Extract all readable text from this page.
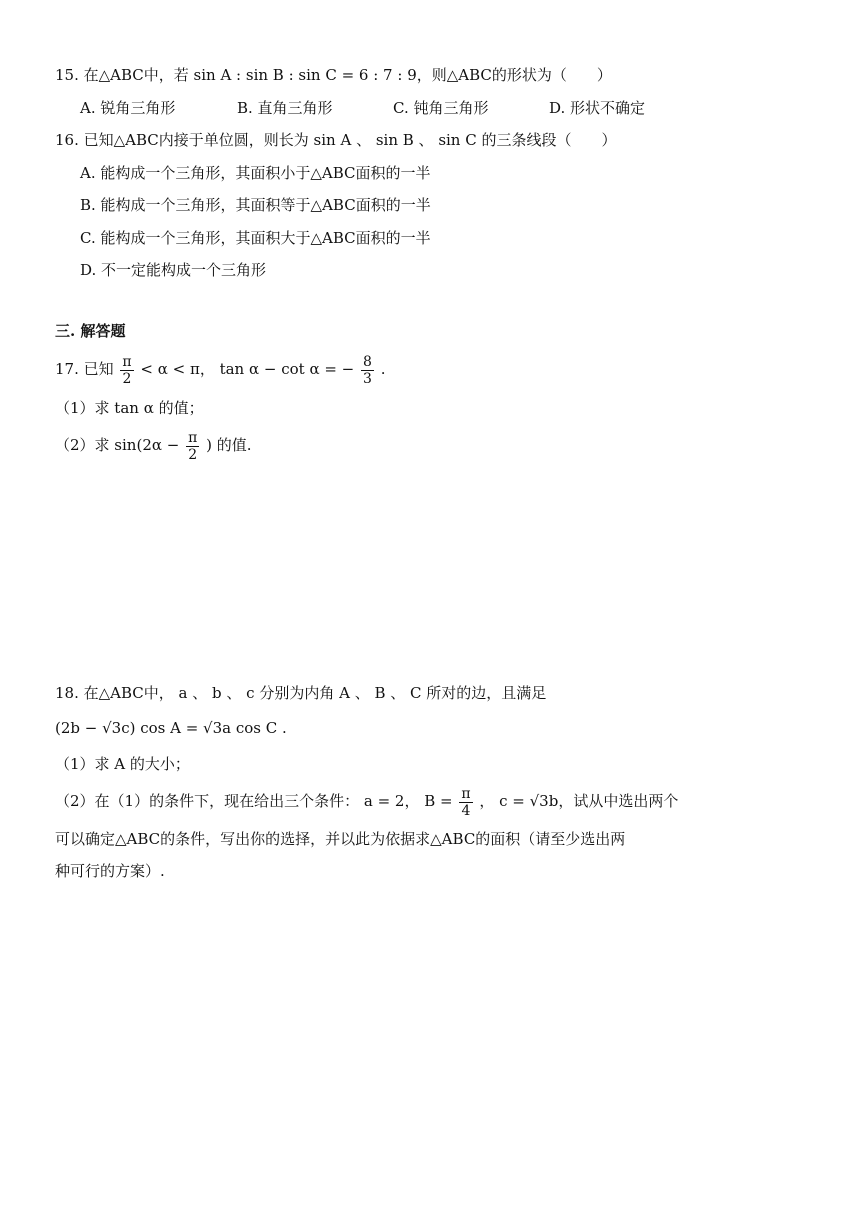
15. 在△ABC中，若 sin A : sin B : sin C = 6 : 7 : 9，则△ABC的形状为（　　）
A. 锐角三角形	B. 直角三角形	C. 钝角三角形	D. 形状不确定
16. 已知△ABC内接于单位圆，则长为 sin A 、 sin B 、 sin C 的三条线段（　　）
A. 能构成一个三角形，其面积小于△ABC面积的一半
B. 能构成一个三角形，其面积等于△ABC面积的一半
C. 能构成一个三角形，其面积大于△ABC面积的一半
D. 不一定能构成一个三角形
三. 解答题
17. 已知 $\frac{\pi}{2} < \alpha < \pi$， tan α − cot α = − $\frac{8}{3}$ .
（1）求 tan α 的值；
（2）求 $\sin(2\alpha - \frac{\pi}{2}$ ) 的值.
18. 在△ABC中， a 、 b 、 c 分别为内角 A 、 B 、 C 所对的边，且满足
(2b − √3c) cos A = √3a cos C .
（1）求 A 的大小；
（2）在（1）的条件下，现在给出三个条件： a = 2， $B = \frac{\pi}{4}$ ， c = √3b，试从中选出两个
可以确定△ABC的条件，写出你的选择，并以此为依据求△ABC的面积（请至少选出两
种可行的方案）.
